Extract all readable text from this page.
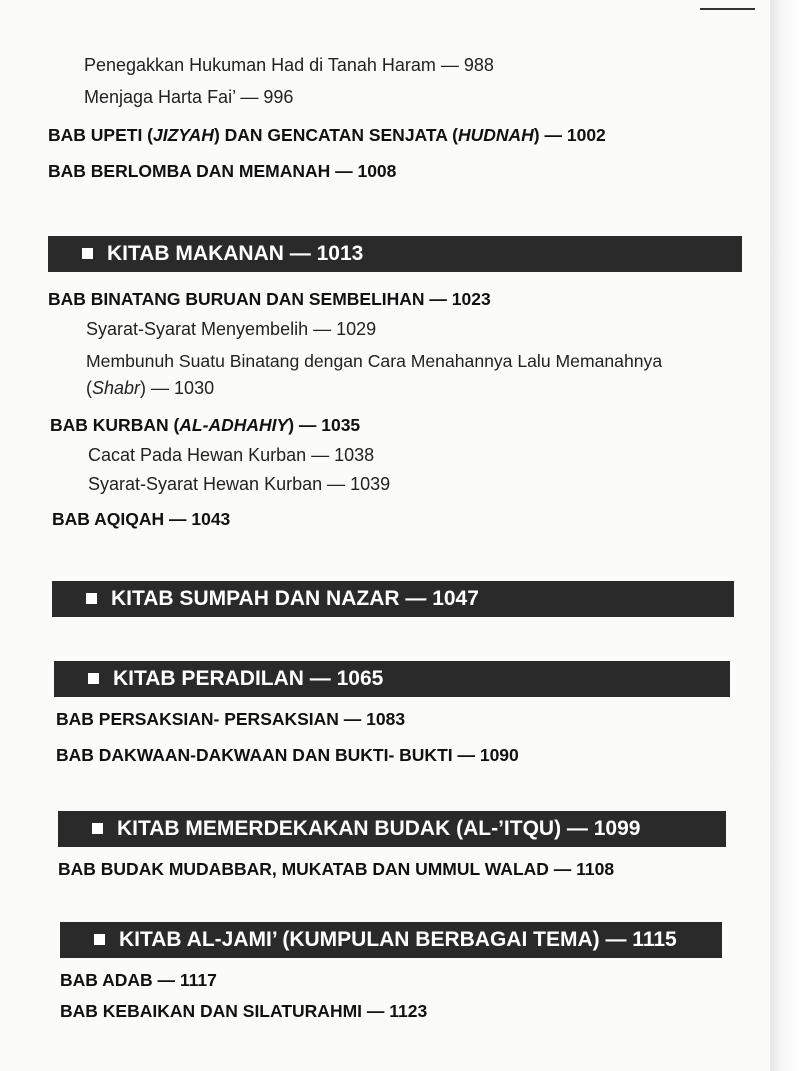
Penegakkan Hukuman Had di Tanah Haram — 988
Menjaga Harta Fai’ — 996
BAB UPETI (JIZYAH) DAN GENCATAN SENJATA (HUDNAH) — 1002
BAB BERLOMBA DAN MEMANAH — 1008
KITAB MAKANAN — 1013
BAB BINATANG BURUAN DAN SEMBELIHAN — 1023
Syarat-Syarat Menyembelih — 1029
Membunuh Suatu Binatang dengan Cara Menahannya Lalu Memanahnya
(Shabr) — 1030
BAB KURBAN (AL-ADHAHIY) — 1035
Cacat Pada Hewan Kurban — 1038
Syarat-Syarat Hewan Kurban — 1039
BAB AQIQAH — 1043
KITAB SUMPAH DAN NAZAR — 1047
KITAB PERADILAN — 1065
BAB PERSAKSIAN- PERSAKSIAN — 1083
BAB DAKWAAN-DAKWAAN DAN BUKTI- BUKTI — 1090
KITAB MEMERDEKAKAN BUDAK (AL-’ITQU) — 1099
BAB BUDAK MUDABBAR, MUKATAB DAN UMMUL WALAD — 1108
KITAB AL-JAMI’ (KUMPULAN BERBAGAI TEMA) — 1115
BAB ADAB — 1117
BAB KEBAIKAN DAN SILATURAHMI — 1123
